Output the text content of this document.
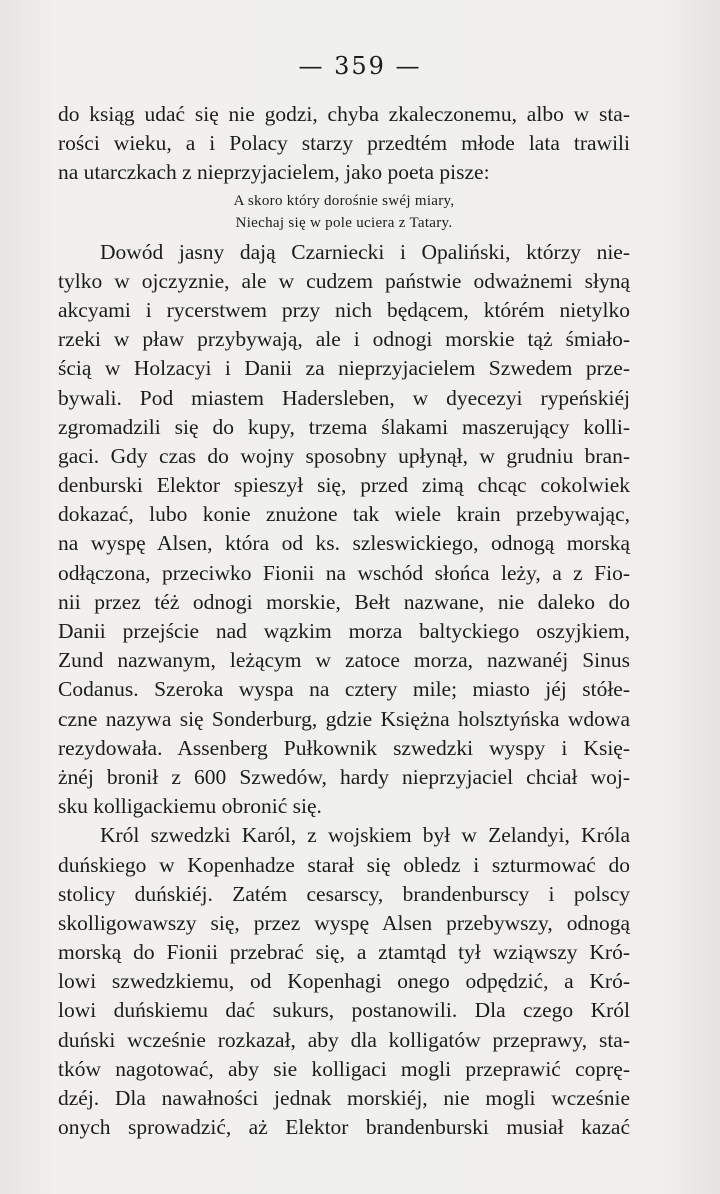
— 359 —
do ksiąg udać się nie godzi, chyba zkaleczonemu, albo w sta-
rości wieku, a i Polacy starzy przedtém młode lata trawili
na utarczkach z nieprzyjacielem, jako poeta pisze:
A skoro który dorośnie swéj miary,
Niechaj się w pole uciera z Tatary.
Dowód jasny dają Czarniecki i Opaliński, którzy nie-
tylko w ojczyznie, ale w cudzem państwie odważnemi słyną
akcyami i rycerstwem przy nich będącem, którém nietylko
rzeki w pław przybywają, ale i odnogi morskie tąż śmiało-
ścią w Holzacyi i Danii za nieprzyjacielem Szwedem prze-
bywali. Pod miastem Hadersleben, w dyecezyi rypeńskiéj
zgromadzili się do kupy, trzema ślakami maszerujący kolli-
gaci. Gdy czas do wojny sposobny upłynął, w grudniu bran-
denburski Elektor spieszył się, przed zimą chcąc cokolwiek
dokazać, lubo konie znużone tak wiele krain przebywając,
na wyspę Alsen, która od ks. szleswickiego, odnogą morską
odłączona, przeciwko Fionii na wschód słońca leży, a z Fio-
nii przez téż odnogi morskie, Bełt nazwane, nie daleko do
Danii przejście nad wązkim morza baltyckiego oszyjkiem,
Zund nazwanym, leżącym w zatoce morza, nazwanéj Sinus
Codanus. Szeroka wyspa na cztery mile; miasto jéj stółe-
czne nazywa się Sonderburg, gdzie Księżna holsztyńska wdowa
rezydowała. Assenberg Pułkownik szwedzki wyspy i Księ-
żnéj bronił z 600 Szwedów, hardy nieprzyjaciel chciał woj-
sku kolligackiemu obronić się.
Król szwedzki Karól, z wojskiem był w Zelandyi, Króla
duńskiego w Kopenhadze starał się obledz i szturmować do
stolicy duńskiéj. Zatém cesarscy, brandenburscy i polscy
skolligowawszy się, przez wyspę Alsen przebywszy, odnogą
morską do Fionii przebrać się, a ztamtąd tył wziąwszy Kró-
lowi szwedzkiemu, od Kopenhagi onego odpędzić, a Kró-
lowi duńskiemu dać sukurs, postanowili. Dla czego Król
duński wcześnie rozkazał, aby dla kolligatów przeprawy, sta-
tków nagotować, aby sie kolligaci mogli przeprawić coprę-
dzéj. Dla nawałności jednak morskiéj, nie mogli wcześnie
onych sprowadzić, aż Elektor brandenburski musiał kazać
